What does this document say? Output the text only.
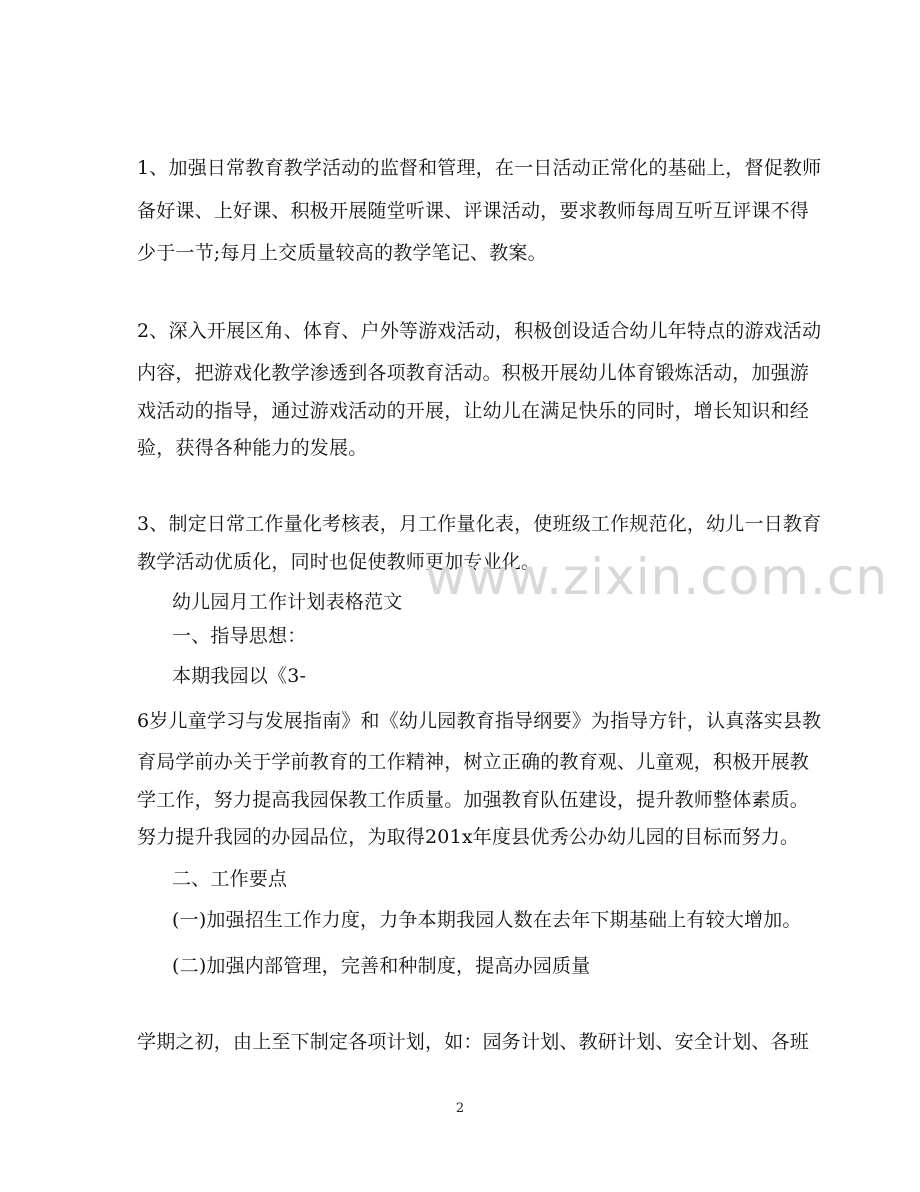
1、加强日常教育教学活动的监督和管理，在一日活动正常化的基础上，督促教师
备好课、上好课、积极开展随堂听课、评课活动，要求教师每周互听互评课不得
少于一节;每月上交质量较高的教学笔记、教案。
2、深入开展区角、体育、户外等游戏活动，积极创设适合幼儿年特点的游戏活动
内容，把游戏化教学渗透到各项教育活动。积极开展幼儿体育锻炼活动，加强游
戏活动的指导，通过游戏活动的开展，让幼儿在满足快乐的同时，增长知识和经
验，获得各种能力的发展。
3、制定日常工作量化考核表，月工作量化表，使班级工作规范化，幼儿一日教育
教学活动优质化，同时也促使教师更加专业化。
www.zixin.com.cn
幼儿园月工作计划表格范文
一、指导思想：
本期我园以《3-
6岁儿童学习与发展指南》和《幼儿园教育指导纲要》为指导方针，认真落实县教
育局学前办关于学前教育的工作精神，树立正确的教育观、儿童观，积极开展教
学工作，努力提高我园保教工作质量。加强教育队伍建设，提升教师整体素质。
努力提升我园的办园品位，为取得201x年度县优秀公办幼儿园的目标而努力。
二、工作要点
(一)加强招生工作力度，力争本期我园人数在去年下期基础上有较大增加。
(二)加强内部管理，完善和种制度，提高办园质量
学期之初，由上至下制定各项计划，如：园务计划、教研计划、安全计划、各班
2
